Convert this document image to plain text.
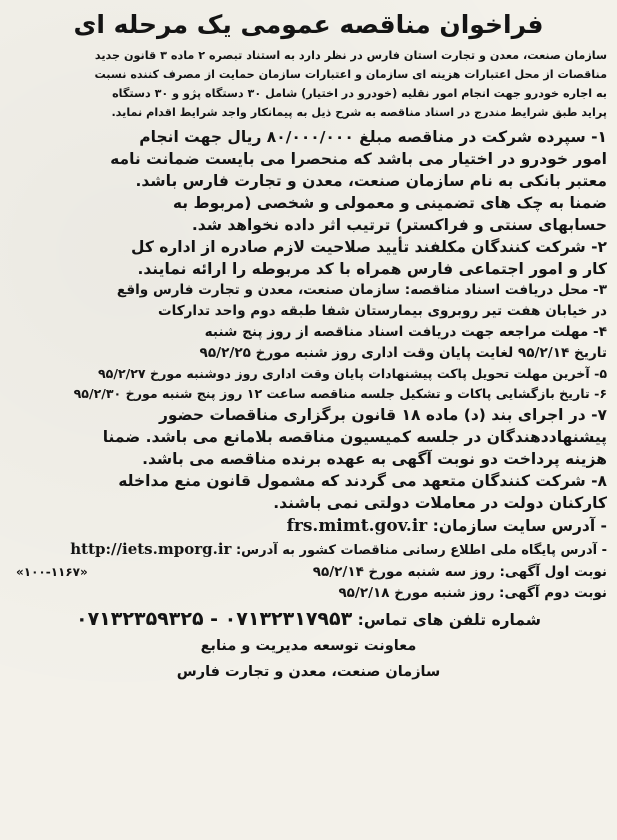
فراخوان مناقصه عمومی یک مرحله ای
سازمان صنعت، معدن و تجارت استان فارس در نظر دارد به استناد تبصره ۲ ماده ۳ قانون جدید
مناقصات از محل اعتبارات هزینه ای سازمان و اعتبارات سازمان حمایت از مصرف کننده نسبت
به اجاره خودرو جهت انجام امور نقلیه (خودرو در اختیار) شامل ۳۰ دستگاه پژو و ۳۰ دستگاه
پراید طبق شرایط مندرج در اسناد مناقصه به شرح ذیل به پیمانکار واجد شرایط اقدام نماید.
۱- سپرده شرکت در مناقصه مبلغ ۸۰/۰۰۰/۰۰۰ ریال جهت انجام
امور خودرو در اختیار می باشد که منحصرا می بایست ضمانت نامه
معتبر بانکی به نام سازمان صنعت، معدن و تجارت فارس باشد.
ضمنا به چک های تضمینی و معمولی و شخصی (مربوط به
حسابهای سنتی و فراکستر) ترتیب اثر داده نخواهد شد.
۲- شرکت کنندگان مکلفند تأیید صلاحیت لازم صادره از اداره کل
کار و امور اجتماعی فارس همراه با کد مربوطه را ارائه نمایند.
۳- محل دریافت اسناد مناقصه: سازمان صنعت، معدن و تجارت فارس واقع
در خیابان هفت تیر روبروی بیمارستان شفا طبقه دوم واحد تدارکات
۴- مهلت مراجعه جهت دریافت اسناد مناقصه از روز پنج شنبه
تاریخ ۹۵/۲/۱۴ لغایت پایان وقت اداری روز شنبه مورخ ۹۵/۲/۲۵
۵- آخرین مهلت تحویل پاکت پیشنهادات پایان وقت اداری روز دوشنبه مورخ ۹۵/۲/۲۷
۶- تاریخ بازگشایی پاکات و تشکیل جلسه مناقصه ساعت ۱۲ روز پنج شنبه مورخ ۹۵/۲/۳۰
۷- در اجرای بند (د) ماده ۱۸ قانون برگزاری مناقصات حضور
پیشنهاددهندگان در جلسه کمیسیون مناقصه بلامانع می باشد. ضمنا
هزینه پرداخت دو نوبت آگهی به عهده برنده مناقصه می باشد.
۸- شرکت کنندگان متعهد می گردند که مشمول قانون منع مداخله
کارکنان دولت در معاملات دولتی نمی باشند.
- آدرس سایت سازمان: frs.mimt.gov.ir
- آدرس پایگاه ملی اطلاع رسانی مناقصات کشور به آدرس: http://iets.mporg.ir
نوبت اول آگهی: روز سه شنبه مورخ ۹۵/۲/۱۴
«۱۰۰-۱۱۶۷»
نوبت دوم آگهی: روز شنبه مورخ ۹۵/۲/۱۸
شماره تلفن های تماس: ۰۷۱۳۲۳۵۹۳۲۵ - ۰۷۱۳۲۳۱۷۹۵۳
معاونت توسعه مدیریت و منابع
سازمان صنعت، معدن و تجارت فارس
